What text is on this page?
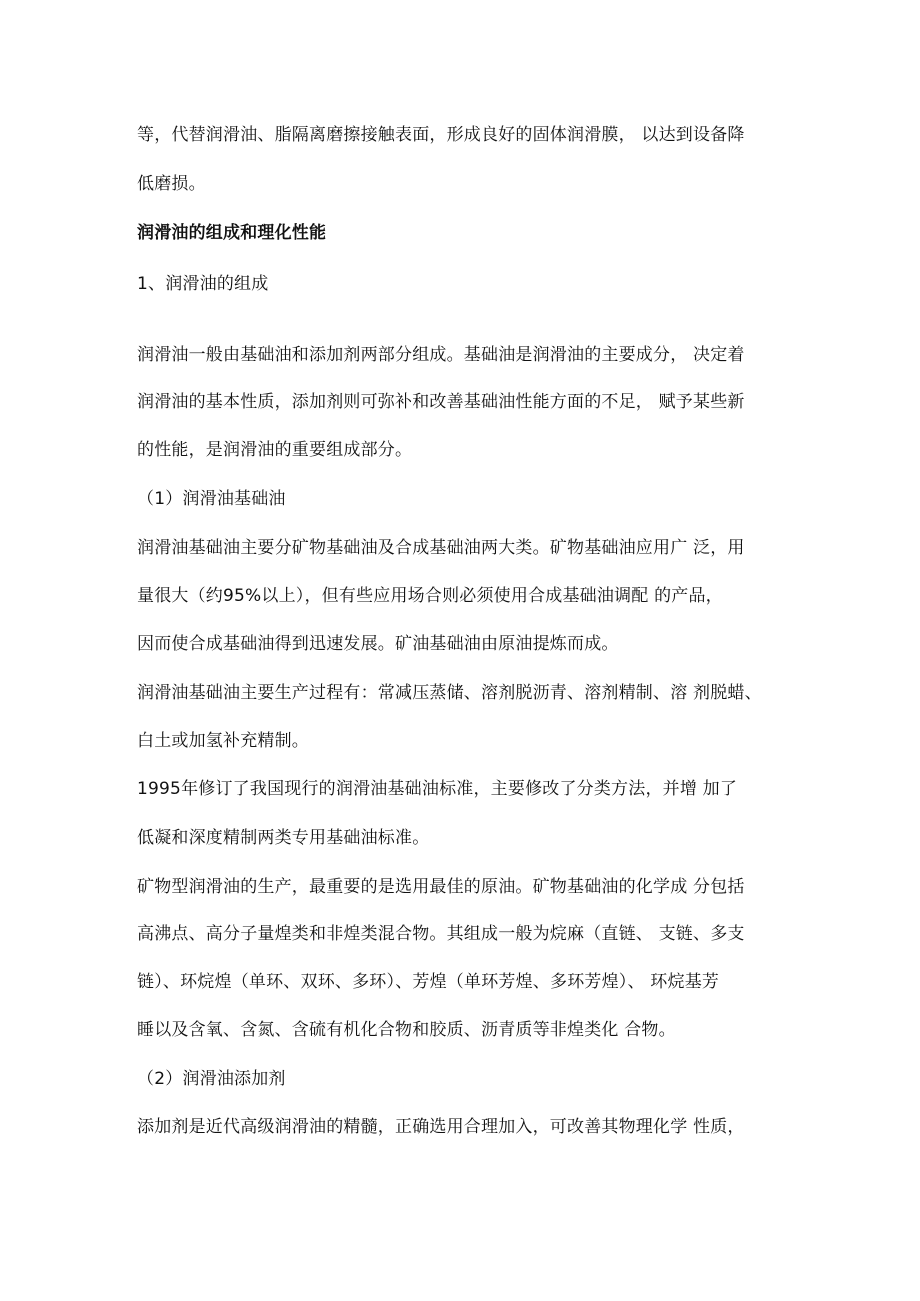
等，代替润滑油、脂隔离磨擦接触表面，形成良好的固体润滑膜， 以达到设备降
低磨损。
润滑油的组成和理化性能
1、润滑油的组成
润滑油一般由基础油和添加剂两部分组成。基础油是润滑油的主要成分， 决定着
润滑油的基本性质，添加剂则可弥补和改善基础油性能方面的不足， 赋予某些新
的性能，是润滑油的重要组成部分。
（1）润滑油基础油
润滑油基础油主要分矿物基础油及合成基础油两大类。矿物基础油应用广 泛，用
量很大（约95%以上），但有些应用场合则必须使用合成基础油调配 的产品，
因而使合成基础油得到迅速发展。矿油基础油由原油提炼而成。
润滑油基础油主要生产过程有：常减压蒸储、溶剂脱沥青、溶剂精制、溶 剂脱蜡、
白土或加氢补充精制。
1995年修订了我国现行的润滑油基础油标准，主要修改了分类方法，并增 加了
低凝和深度精制两类专用基础油标准。
矿物型润滑油的生产，最重要的是选用最佳的原油。矿物基础油的化学成 分包括
高沸点、高分子量煌类和非煌类混合物。其组成一般为烷麻（直链、 支链、多支
链）、环烷煌（单环、双环、多环）、芳煌（单环芳煌、多环芳煌）、 环烷基芳
睡以及含氧、含氮、含硫有机化合物和胶质、沥青质等非煌类化 合物。
（2）润滑油添加剂
添加剂是近代高级润滑油的精髓，正确选用合理加入，可改善其物理化学 性质，
